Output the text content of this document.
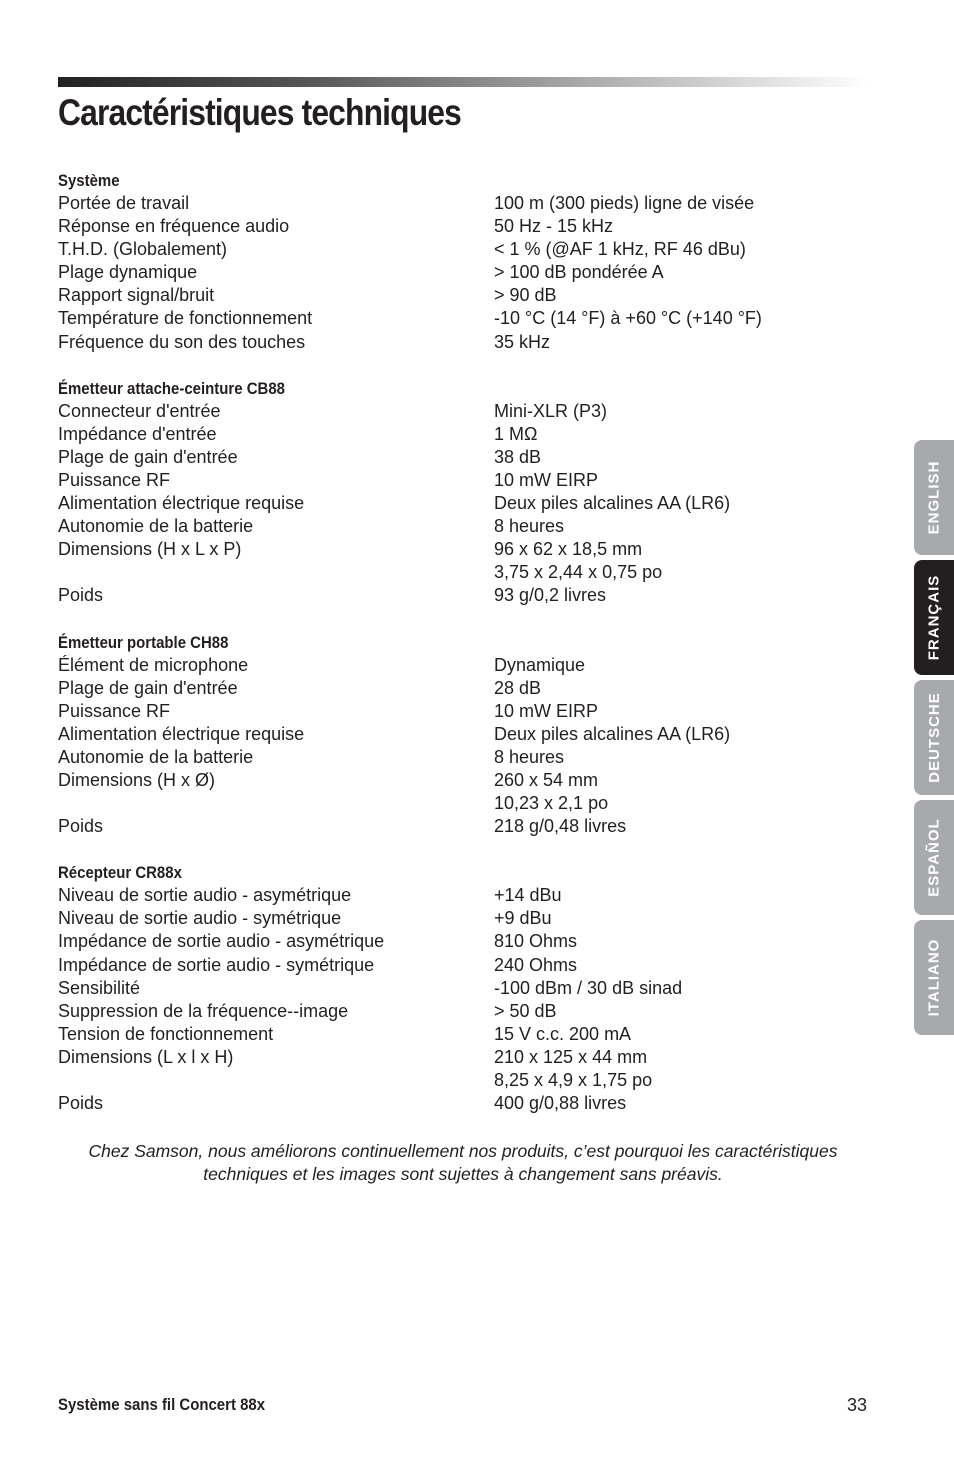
Caractéristiques techniques
Système
Portée de travail	100 m (300 pieds) ligne de visée
Réponse en fréquence audio	50 Hz - 15 kHz
T.H.D. (Globalement)	< 1 % (@AF 1 kHz, RF 46 dBu)
Plage dynamique	> 100 dB pondérée A
Rapport signal/bruit	> 90 dB
Température de fonctionnement	-10 °C (14 °F) à +60 °C (+140 °F)
Fréquence du son des touches	35 kHz
Émetteur attache-ceinture CB88
Connecteur d'entrée	Mini-XLR (P3)
Impédance d'entrée	1 MΩ
Plage de gain d'entrée	38 dB
Puissance RF	10 mW EIRP
Alimentation électrique requise	Deux piles alcalines AA (LR6)
Autonomie de la batterie	8 heures
Dimensions (H x L x P)	96 x 62 x 18,5 mm
3,75 x 2,44 x 0,75 po
Poids	93 g/0,2 livres
Émetteur portable CH88
Élément de microphone	Dynamique
Plage de gain d'entrée	28 dB
Puissance RF	10 mW EIRP
Alimentation électrique requise	Deux piles alcalines AA (LR6)
Autonomie de la batterie	8 heures
Dimensions (H x Ø)	260 x 54 mm
10,23 x 2,1 po
Poids	218 g/0,48 livres
Récepteur CR88x
Niveau de sortie audio - asymétrique	+14 dBu
Niveau de sortie audio - symétrique	+9 dBu
Impédance de sortie audio - asymétrique	810 Ohms
Impédance de sortie audio - symétrique	240 Ohms
Sensibilité	-100 dBm / 30 dB sinad
Suppression de la fréquence--image	> 50 dB
Tension de fonctionnement	15 V c.c. 200 mA
Dimensions (L x l x H)	210 x 125 x 44 mm
8,25 x 4,9 x 1,75 po
Poids	400 g/0,88 livres
Chez Samson, nous améliorons continuellement nos produits, c’est pourquoi les caractéristiques
techniques et les images sont sujettes à changement sans préavis.
Système sans fil Concert 88x	33
ENGLISH
FRANÇAIS
DEUTSCHE
ESPAÑOL
ITALIANO
